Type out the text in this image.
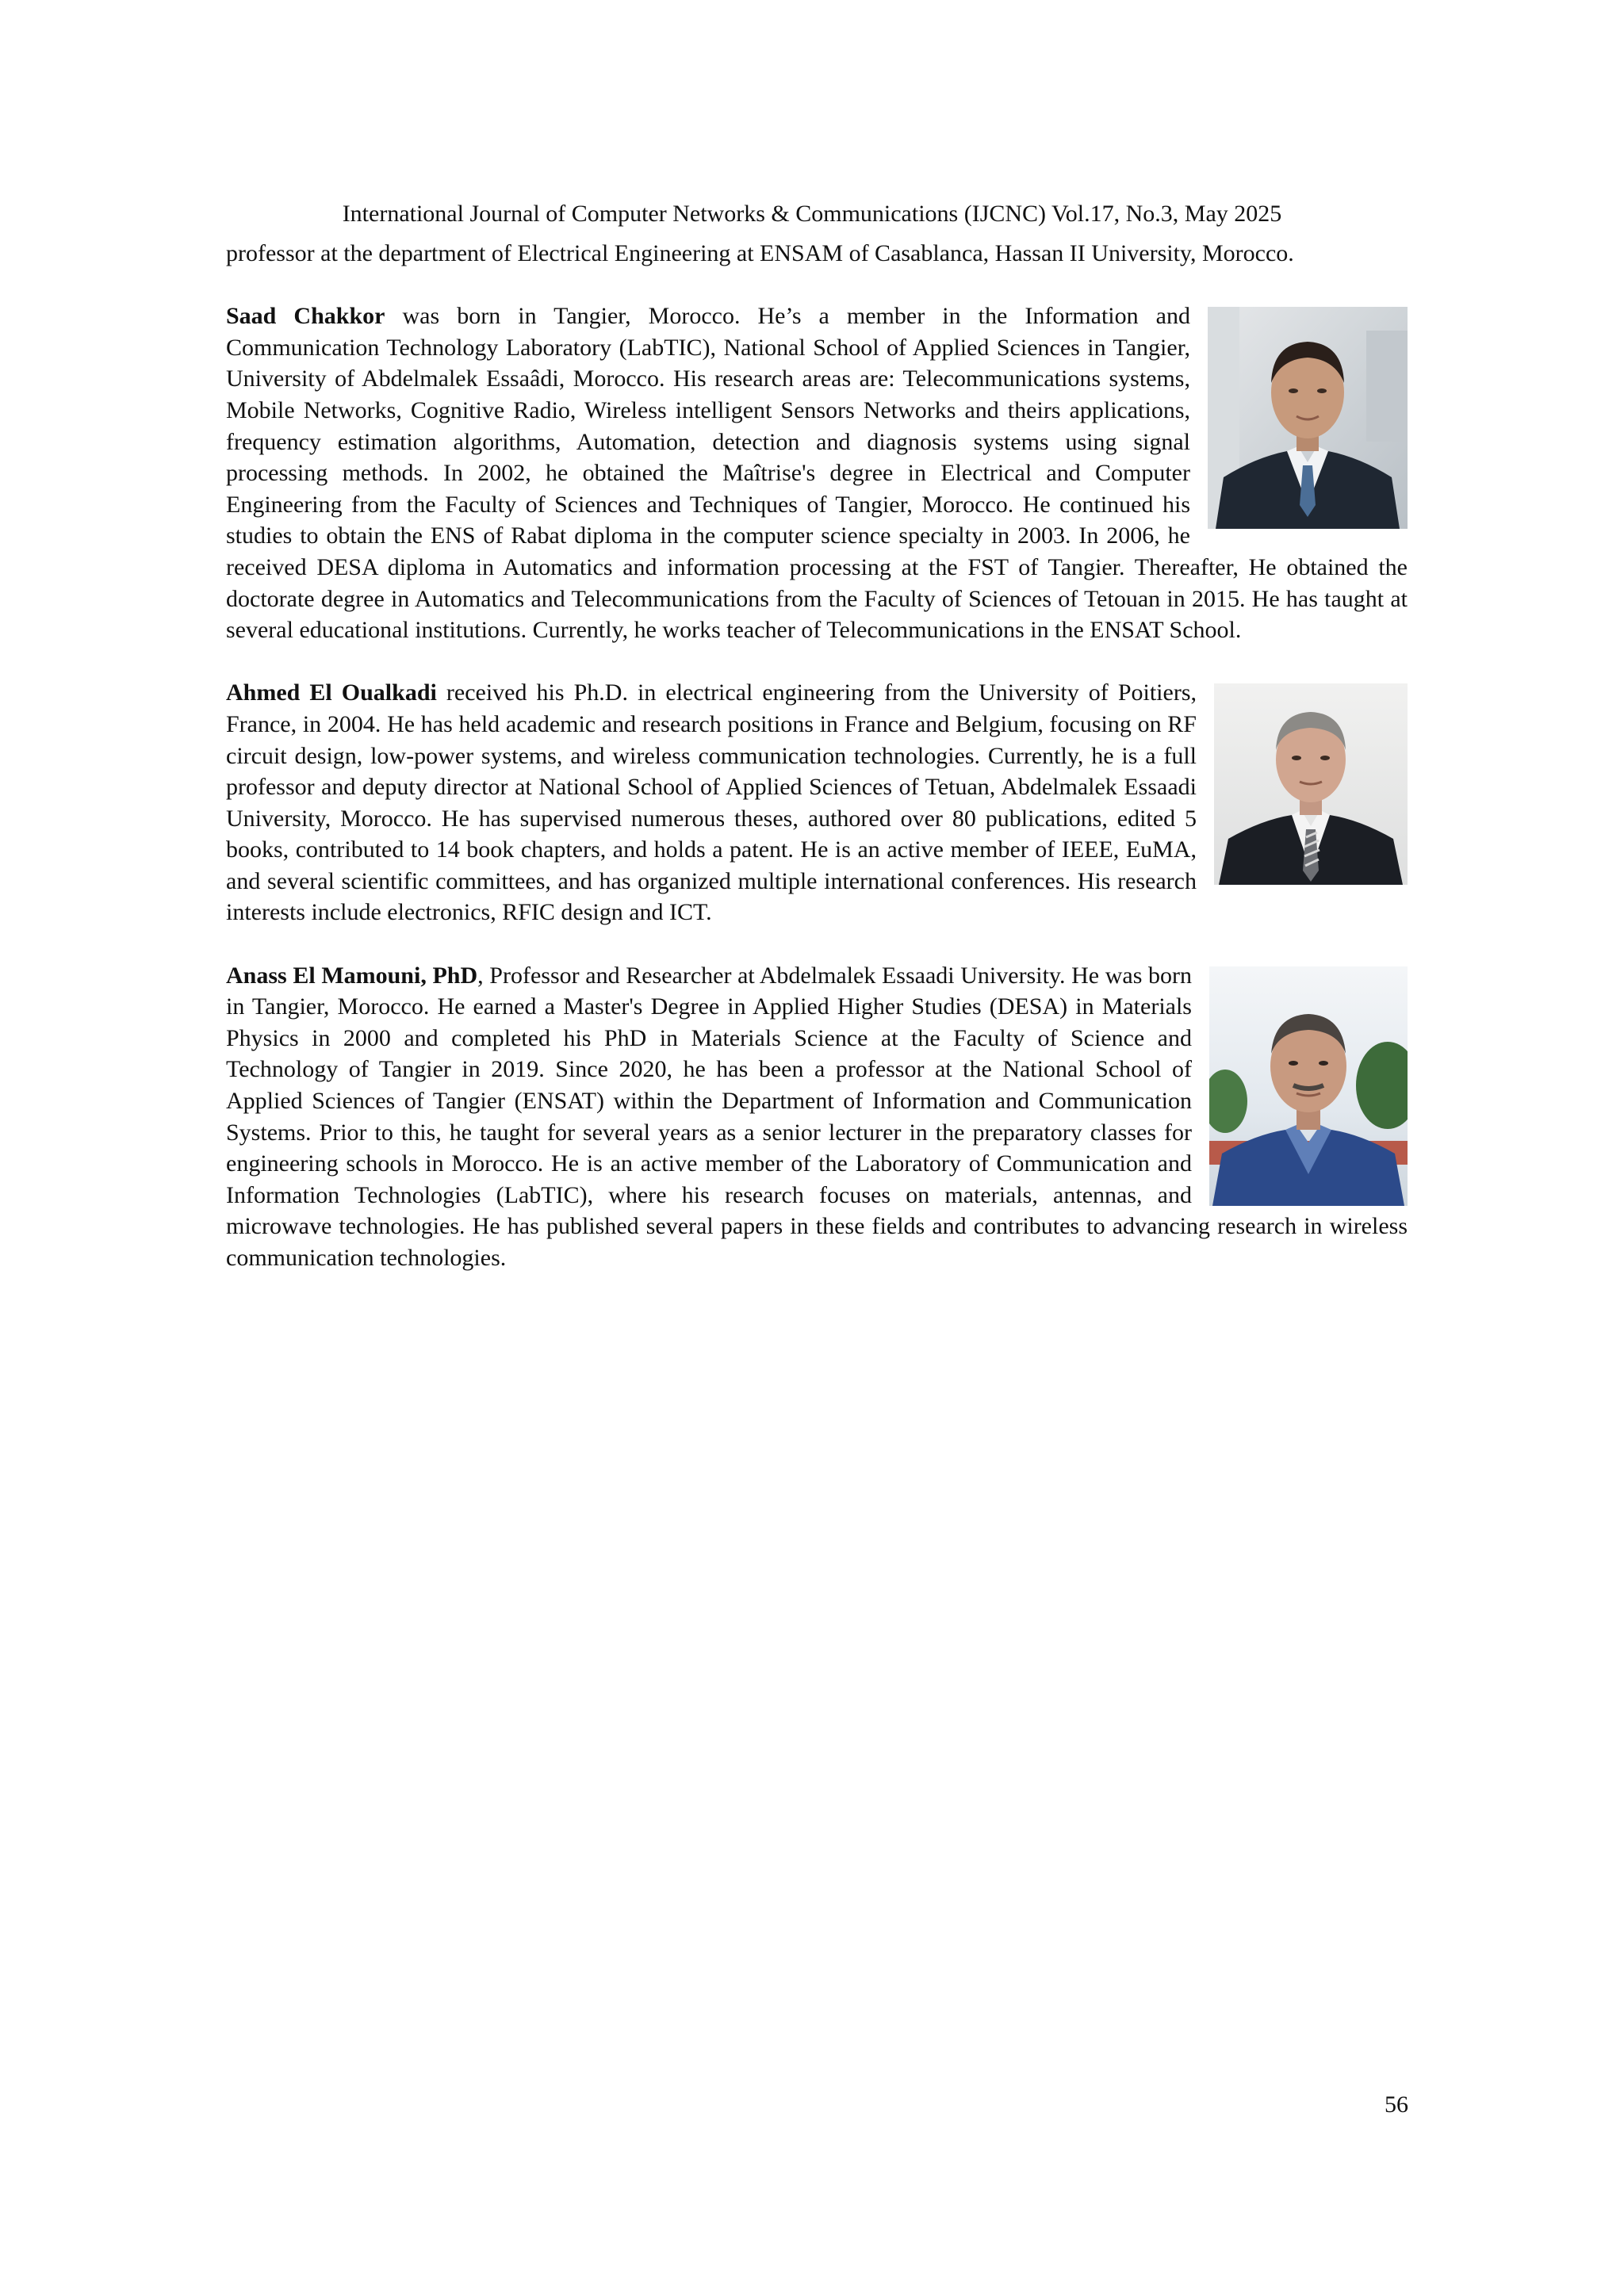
International Journal of Computer Networks & Communications (IJCNC) Vol.17, No.3, May 2025

professor at the department of Electrical Engineering at ENSAM of Casablanca, Hassan II University, Morocco.

Saad Chakkor was born in Tangier, Morocco. He’s a member in the Information and Communication Technology Laboratory (LabTIC), National School of Applied Sciences in Tangier, University of Abdelmalek Essaâdi, Morocco. His research areas are: Telecommunications systems, Mobile Networks, Cognitive Radio, Wireless intelligent Sensors Networks and theirs applications, frequency estimation algorithms, Automation, detection and diagnosis systems using signal processing methods. In 2002, he obtained the Maîtrise's degree in Electrical and Computer Engineering from the Faculty of Sciences and Techniques of Tangier, Morocco. He continued his studies to obtain the ENS of Rabat diploma in the computer science specialty in 2003. In 2006, he received DESA diploma in Automatics and information processing at the FST of Tangier. Thereafter, He obtained the doctorate degree in Automatics and Telecommunications from the Faculty of Sciences of Tetouan in 2015. He has taught at several educational institutions. Currently, he works teacher of Telecommunications in the ENSAT School.

Ahmed El Oualkadi received his Ph.D. in electrical engineering from the University of Poitiers, France, in 2004. He has held academic and research positions in France and Belgium, focusing on RF circuit design, low-power systems, and wireless communication technologies. Currently, he is a full professor and deputy director at National School of Applied Sciences of Tetuan, Abdelmalek Essaadi University, Morocco. He has supervised numerous theses, authored over 80 publications, edited 5 books, contributed to 14 book chapters, and holds a patent. He is an active member of IEEE, EuMA, and several scientific committees, and has organized multiple international conferences. His research interests include electronics, RFIC design and ICT.

Anass El Mamouni, PhD, Professor and Researcher at Abdelmalek Essaadi University. He was born in Tangier, Morocco. He earned a Master's Degree in Applied Higher Studies (DESA) in Materials Physics in 2000 and completed his PhD in Materials Science at the Faculty of Science and Technology of Tangier in 2019. Since 2020, he has been a professor at the National School of Applied Sciences of Tangier (ENSAT) within the Department of Information and Communication Systems. Prior to this, he taught for several years as a senior lecturer in the preparatory classes for engineering schools in Morocco. He is an active member of the Laboratory of Communication and Information Technologies (LabTIC), where his research focuses on materials, antennas, and microwave technologies. He has published several papers in these fields and contributes to advancing research in wireless communication technologies.

56
